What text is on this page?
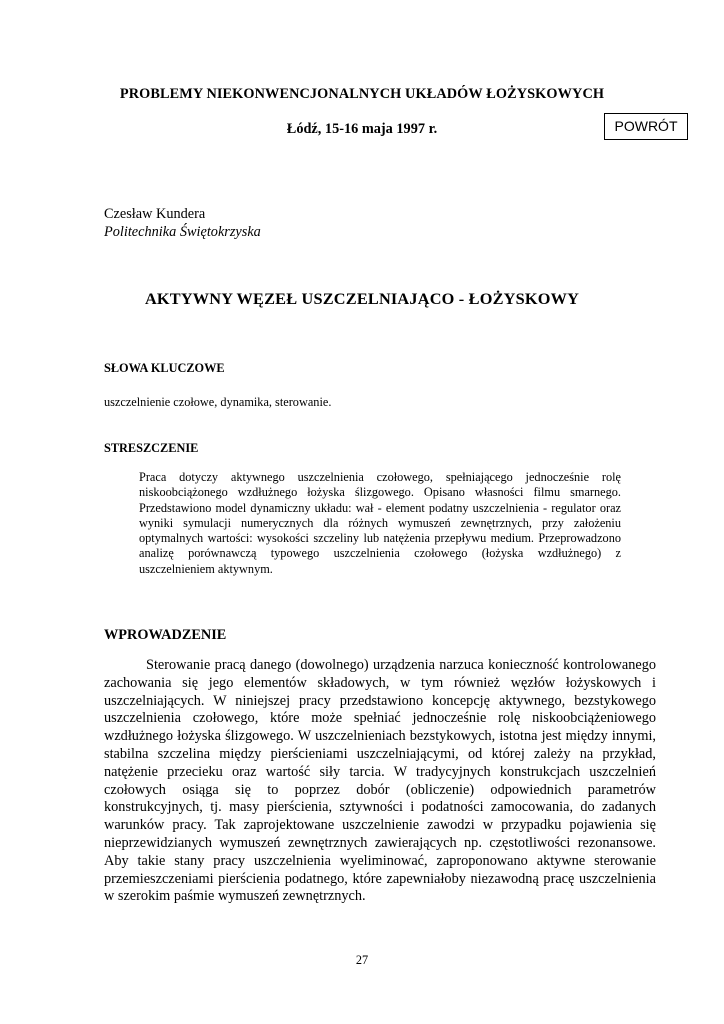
PROBLEMY NIEKONWENCJONALNYCH UKŁADÓW ŁOŻYSKOWYCH
Łódź, 15-16 maja 1997 r.	POWRÓT
Czesław Kundera
Politechnika Świętokrzyska
AKTYWNY WĘZEŁ USZCZELNIAJĄCO - ŁOŻYSKOWY
SŁOWA KLUCZOWE
uszczelnienie czołowe, dynamika, sterowanie.
STRESZCZENIE
Praca dotyczy aktywnego uszczelnienia czołowego, spełniającego jednocześnie rolę niskoobciążonego wzdłużnego łożyska ślizgowego. Opisano własności filmu smarnego. Przedstawiono model dynamiczny układu: wał - element podatny uszczelnienia - regulator oraz wyniki symulacji numerycznych dla różnych wymuszeń zewnętrznych, przy założeniu optymalnych wartości: wysokości szczeliny lub natężenia przepływu medium. Przeprowadzono analizę porównawczą typowego uszczelnienia czołowego (łożyska wzdłużnego) z uszczelnieniem aktywnym.
WPROWADZENIE
Sterowanie pracą danego (dowolnego) urządzenia narzuca konieczność kontrolowanego zachowania się jego elementów składowych, w tym również węzłów łożyskowych i uszczelniających. W niniejszej pracy przedstawiono koncepcję aktywnego, bezstykowego uszczelnienia czołowego, które może spełniać jednocześnie rolę niskoobciążeniowego wzdłużnego łożyska ślizgowego. W uszczelnieniach bezstykowych, istotna jest między innymi, stabilna szczelina między pierścieniami uszczelniającymi, od której zależy na przykład, natężenie przecieku oraz wartość siły tarcia. W tradycyjnych konstrukcjach uszczelnień czołowych osiąga się to poprzez dobór (obliczenie) odpowiednich parametrów konstrukcyjnych, tj. masy pierścienia, sztywności i podatności zamocowania, do zadanych warunków pracy. Tak zaprojektowane uszczelnienie zawodzi w przypadku pojawienia się nieprzewidzianych wymuszeń zewnętrznych zawierających np. częstotliwości rezonansowe. Aby takie stany pracy uszczelnienia wyeliminować, zaproponowano aktywne sterowanie przemieszczeniami pierścienia podatnego, które zapewniałoby niezawodną pracę uszczelnienia w szerokim paśmie wymuszeń zewnętrznych.
27
